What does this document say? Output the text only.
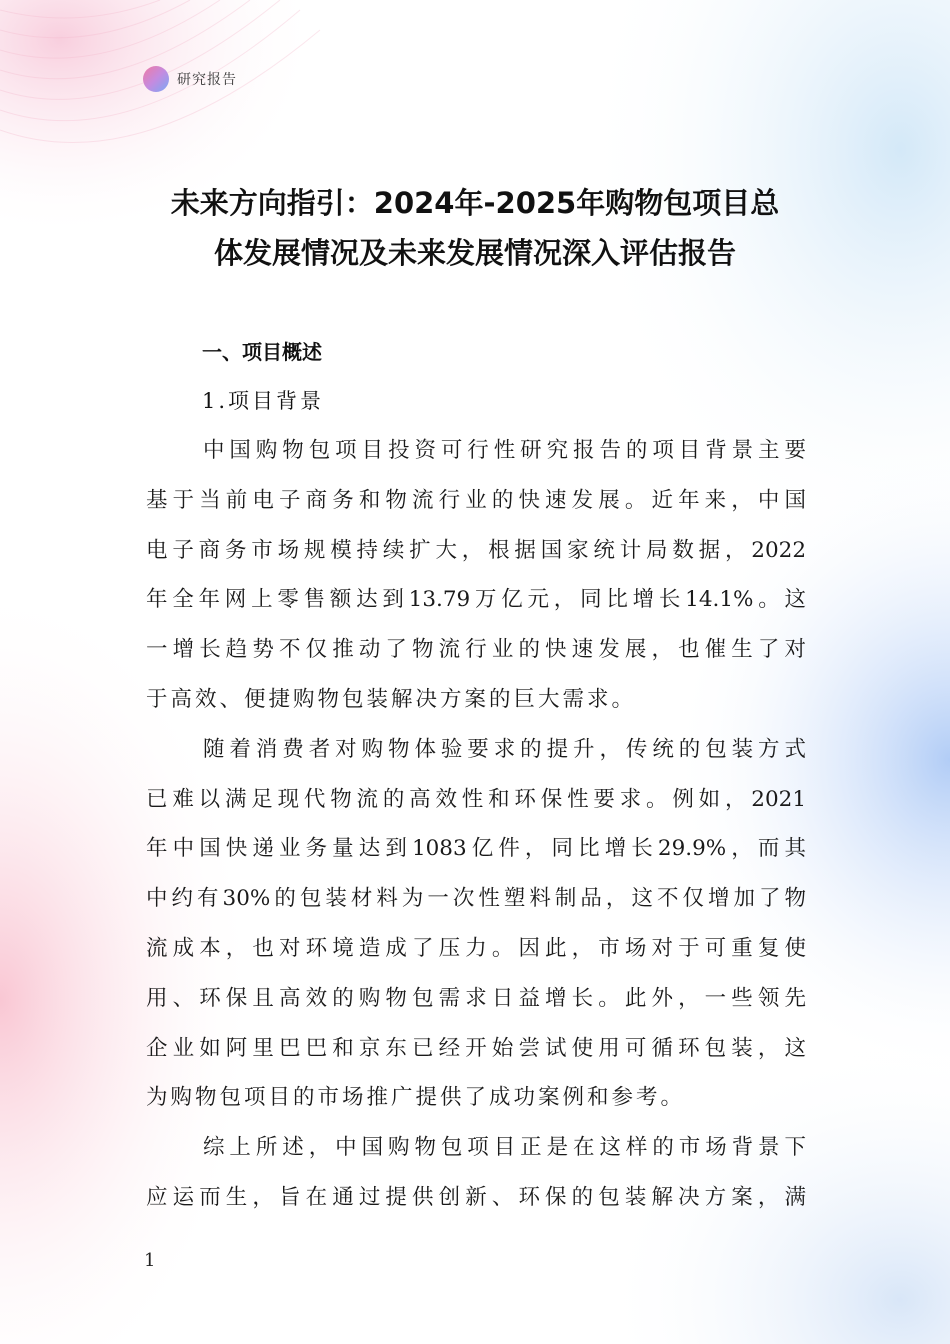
研究报告
未来方向指引：2024年-2025年购物包项目总
体发展情况及未来发展情况深入评估报告
一、项目概述
1.项目背景
中国购物包项目投资可行性研究报告的项目背景主要
基于当前电子商务和物流行业的快速发展。近年来，中国
电子商务市场规模持续扩大，根据国家统计局数据，2022
年全年网上零售额达到13.79万亿元，同比增长14.1%。这
一增长趋势不仅推动了物流行业的快速发展，也催生了对
于高效、便捷购物包装解决方案的巨大需求。
随着消费者对购物体验要求的提升，传统的包装方式
已难以满足现代物流的高效性和环保性要求。例如，2021
年中国快递业务量达到1083亿件，同比增长29.9%，而其
中约有30%的包装材料为一次性塑料制品，这不仅增加了物
流成本，也对环境造成了压力。因此，市场对于可重复使
用、环保且高效的购物包需求日益增长。此外，一些领先
企业如阿里巴巴和京东已经开始尝试使用可循环包装，这
为购物包项目的市场推广提供了成功案例和参考。
综上所述，中国购物包项目正是在这样的市场背景下
应运而生，旨在通过提供创新、环保的包装解决方案，满
1
